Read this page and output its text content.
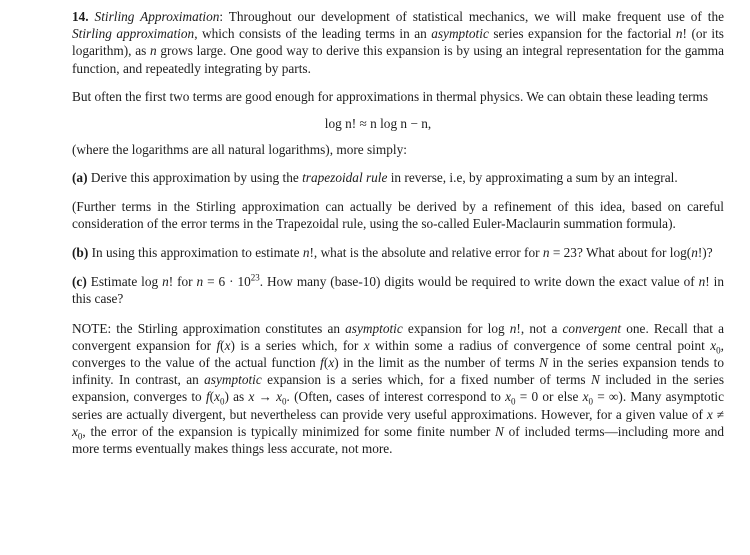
14. Stirling Approximation: Throughout our development of statistical mechanics, we will make frequent use of the Stirling approximation, which consists of the leading terms in an asymptotic series expansion for the factorial n! (or its logarithm), as n grows large. One good way to derive this expansion is by using an integral representation for the gamma function, and repeatedly integrating by parts.

But often the first two terms are good enough for approximations in thermal physics. We can obtain these leading terms

log n! ≈ n log n − n,

(where the logarithms are all natural logarithms), more simply:

(a) Derive this approximation by using the trapezoidal rule in reverse, i.e, by approximating a sum by an integral.

(Further terms in the Stirling approximation can actually be derived by a refinement of this idea, based on careful consideration of the error terms in the Trapezoidal rule, using the so-called Euler-Maclaurin summation formula).

(b) In using this approximation to estimate n!, what is the absolute and relative error for n = 23? What about for log(n!)?

(c) Estimate log n! for $n = 6 \cdot 10^{23}$. How many (base-10) digits would be required to write down the exact value of n! in this case?

NOTE: the Stirling approximation constitutes an asymptotic expansion for log n!, not a convergent one. Recall that a convergent expansion for f(x) is a series which, for x within some a radius of convergence of some central point $x_0$, converges to the value of the actual function f(x) in the limit as the number of terms N in the series expansion tends to infinity. In contrast, an asymptotic expansion is a series which, for a fixed number of terms N included in the series expansion, converges to $f(x_0)$ as $x \to x_0$. (Often, cases of interest correspond to $x_0 = 0$ or else $x_0$ = ∞). Many asymptotic series are actually divergent, but nevertheless can provide very useful approximations. However, for a given value of $x \ne x_0$, the error of the expansion is typically minimized for some finite number N of included terms—including more and more terms eventually makes things less accurate, not more.
